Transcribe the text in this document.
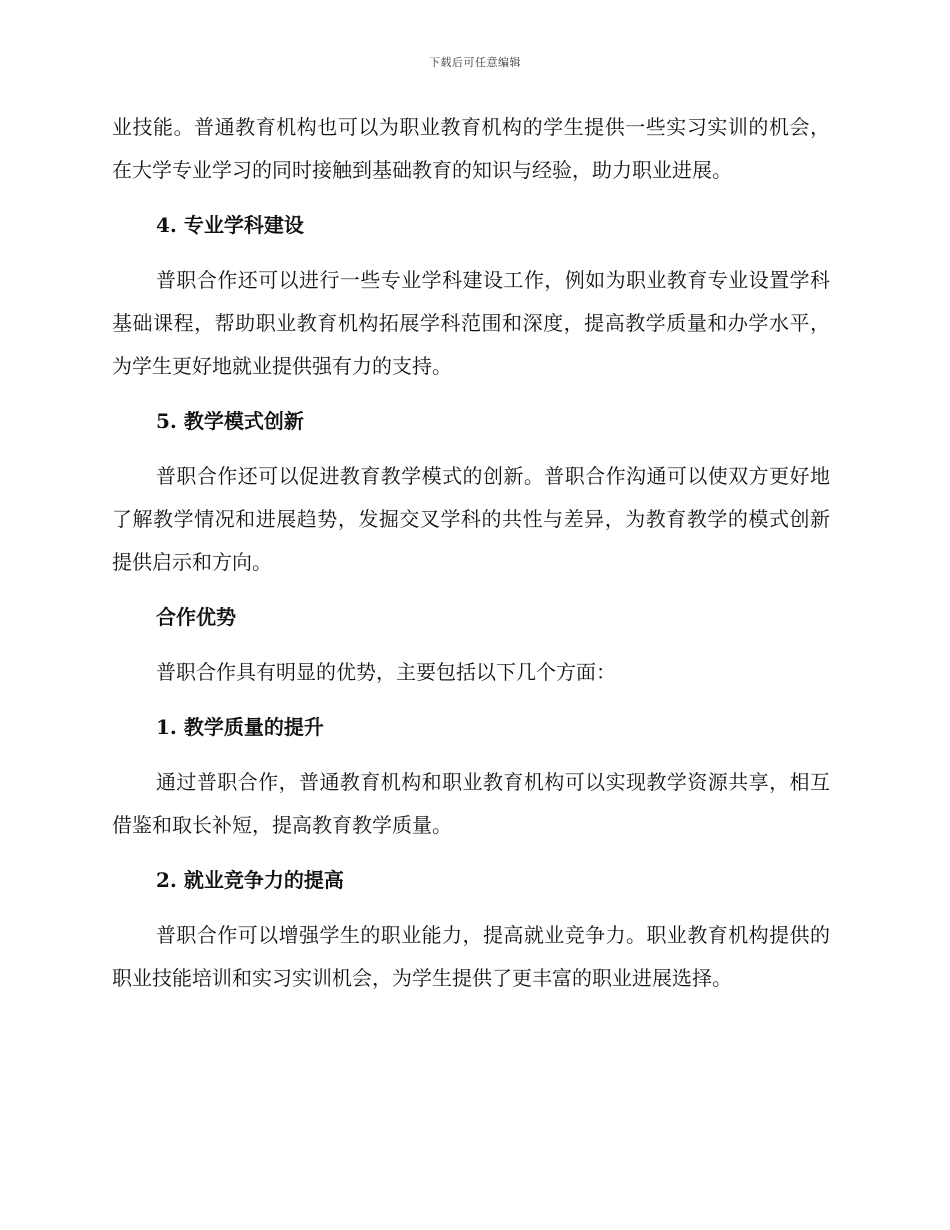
下载后可任意编辑

业技能。普通教育机构也可以为职业教育机构的学生提供一些实习实训的机会，在大学专业学习的同时接触到基础教育的知识与经验，助力职业进展。

4. 专业学科建设

普职合作还可以进行一些专业学科建设工作，例如为职业教育专业设置学科基础课程，帮助职业教育机构拓展学科范围和深度，提高教学质量和办学水平，为学生更好地就业提供强有力的支持。

5. 教学模式创新

普职合作还可以促进教育教学模式的创新。普职合作沟通可以使双方更好地了解教学情况和进展趋势，发掘交叉学科的共性与差异，为教育教学的模式创新提供启示和方向。

合作优势

普职合作具有明显的优势，主要包括以下几个方面：

1. 教学质量的提升

通过普职合作，普通教育机构和职业教育机构可以实现教学资源共享，相互借鉴和取长补短，提高教育教学质量。

2. 就业竞争力的提高

普职合作可以增强学生的职业能力，提高就业竞争力。职业教育机构提供的职业技能培训和实习实训机会，为学生提供了更丰富的职业进展选择。
